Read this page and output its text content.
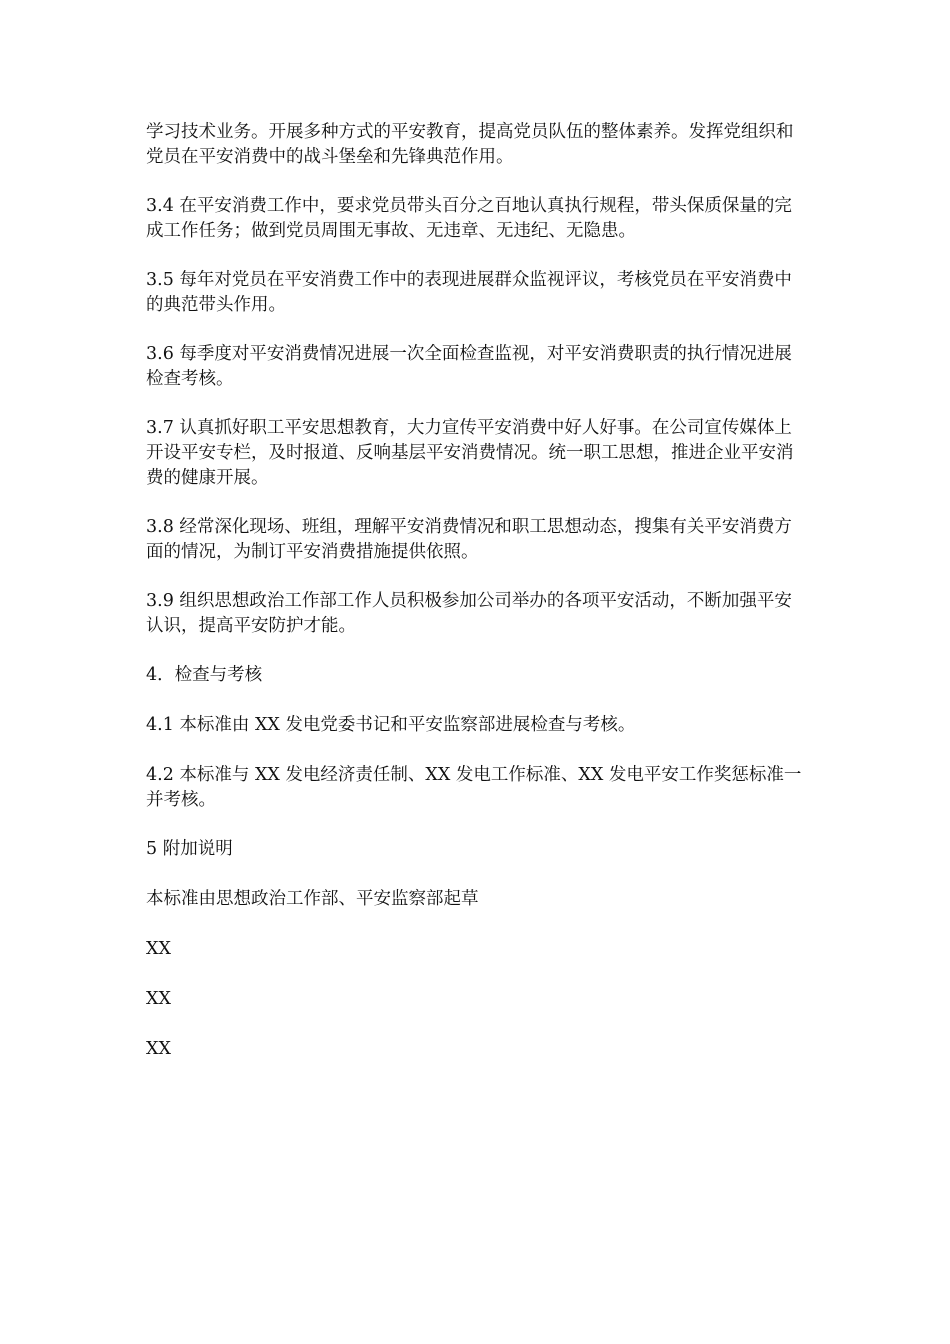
学习技术业务。开展多种方式的平安教育，提高党员队伍的整体素养。发挥党组织和党员在平安消费中的战斗堡垒和先锋典范作用。

3.4 在平安消费工作中，要求党员带头百分之百地认真执行规程，带头保质保量的完成工作任务；做到党员周围无事故、无违章、无违纪、无隐患。

3.5 每年对党员在平安消费工作中的表现进展群众监视评议，考核党员在平安消费中的典范带头作用。

3.6 每季度对平安消费情况进展一次全面检查监视，对平安消费职责的执行情况进展检查考核。

3.7 认真抓好职工平安思想教育，大力宣传平安消费中好人好事。在公司宣传媒体上开设平安专栏，及时报道、反响基层平安消费情况。统一职工思想，推进企业平安消费的健康开展。

3.8 经常深化现场、班组，理解平安消费情况和职工思想动态，搜集有关平安消费方面的情况，为制订平安消费措施提供依照。

3.9 组织思想政治工作部工作人员积极参加公司举办的各项平安活动，不断加强平安认识，提高平安防护才能。

4．检查与考核

4.1 本标准由 XX 发电党委书记和平安监察部进展检查与考核。

4.2 本标准与 XX 发电经济责任制、XX 发电工作标准、XX 发电平安工作奖惩标准一并考核。

5 附加说明

本标准由思想政治工作部、平安监察部起草

XX

XX

XX
